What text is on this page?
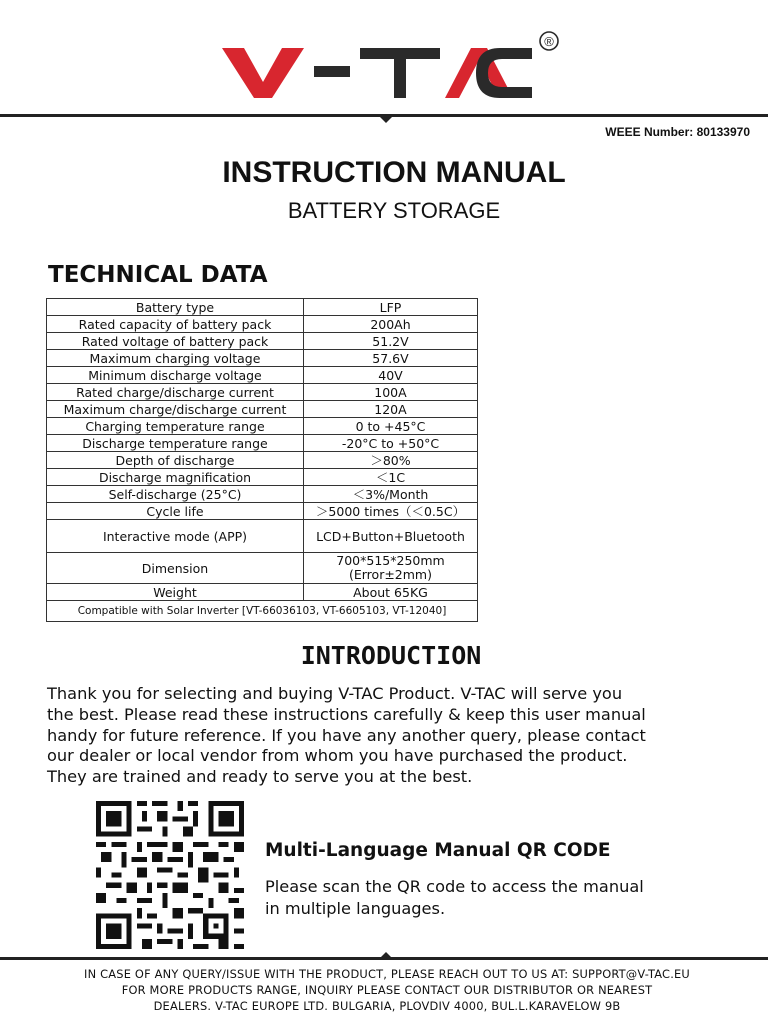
®
WEEE Number: 80133970
INSTRUCTION MANUAL
BATTERY STORAGE
TECHNICAL DATA
Battery type	LFP
Rated capacity of battery pack	200Ah
Rated voltage of battery pack	51.2V
Maximum charging voltage	57.6V
Minimum discharge voltage	40V
Rated charge/discharge current	100A
Maximum charge/discharge current	120A
Charging temperature range	0 to +45°C
Discharge temperature range	-20°C to +50°C
Depth of discharge	＞80%
Discharge magnification	＜1C
Self-discharge (25°C)	＜3%/Month
Cycle life	＞5000 times（＜0.5C）
Interactive mode (APP)	LCD+Button+Bluetooth
Dimension	700*515*250mm
(Error±2mm)

Weight	About 65KG
Compatible with Solar Inverter [VT-66036103, VT-6605103, VT-12040]	
INTRODUCTION
Thank you for selecting and buying V-TAC Product. V-TAC will serve you
the best. Please read these instructions carefully & keep this user manual
handy for future reference. If you have any another query, please contact
our dealer or local vendor from whom you have purchased the product.
They are trained and ready to serve you at the best.
Multi-Language Manual QR CODE
Please scan the QR code to access the manual
in multiple languages.
IN CASE OF ANY QUERY/ISSUE WITH THE PRODUCT, PLEASE REACH OUT TO US AT: SUPPORT@V-TAC.EU
FOR MORE PRODUCTS RANGE, INQUIRY PLEASE CONTACT OUR DISTRIBUTOR OR NEAREST
DEALERS. V-TAC EUROPE LTD. BULGARIA, PLOVDIV 4000, BUL.L.KARAVELOW 9B
